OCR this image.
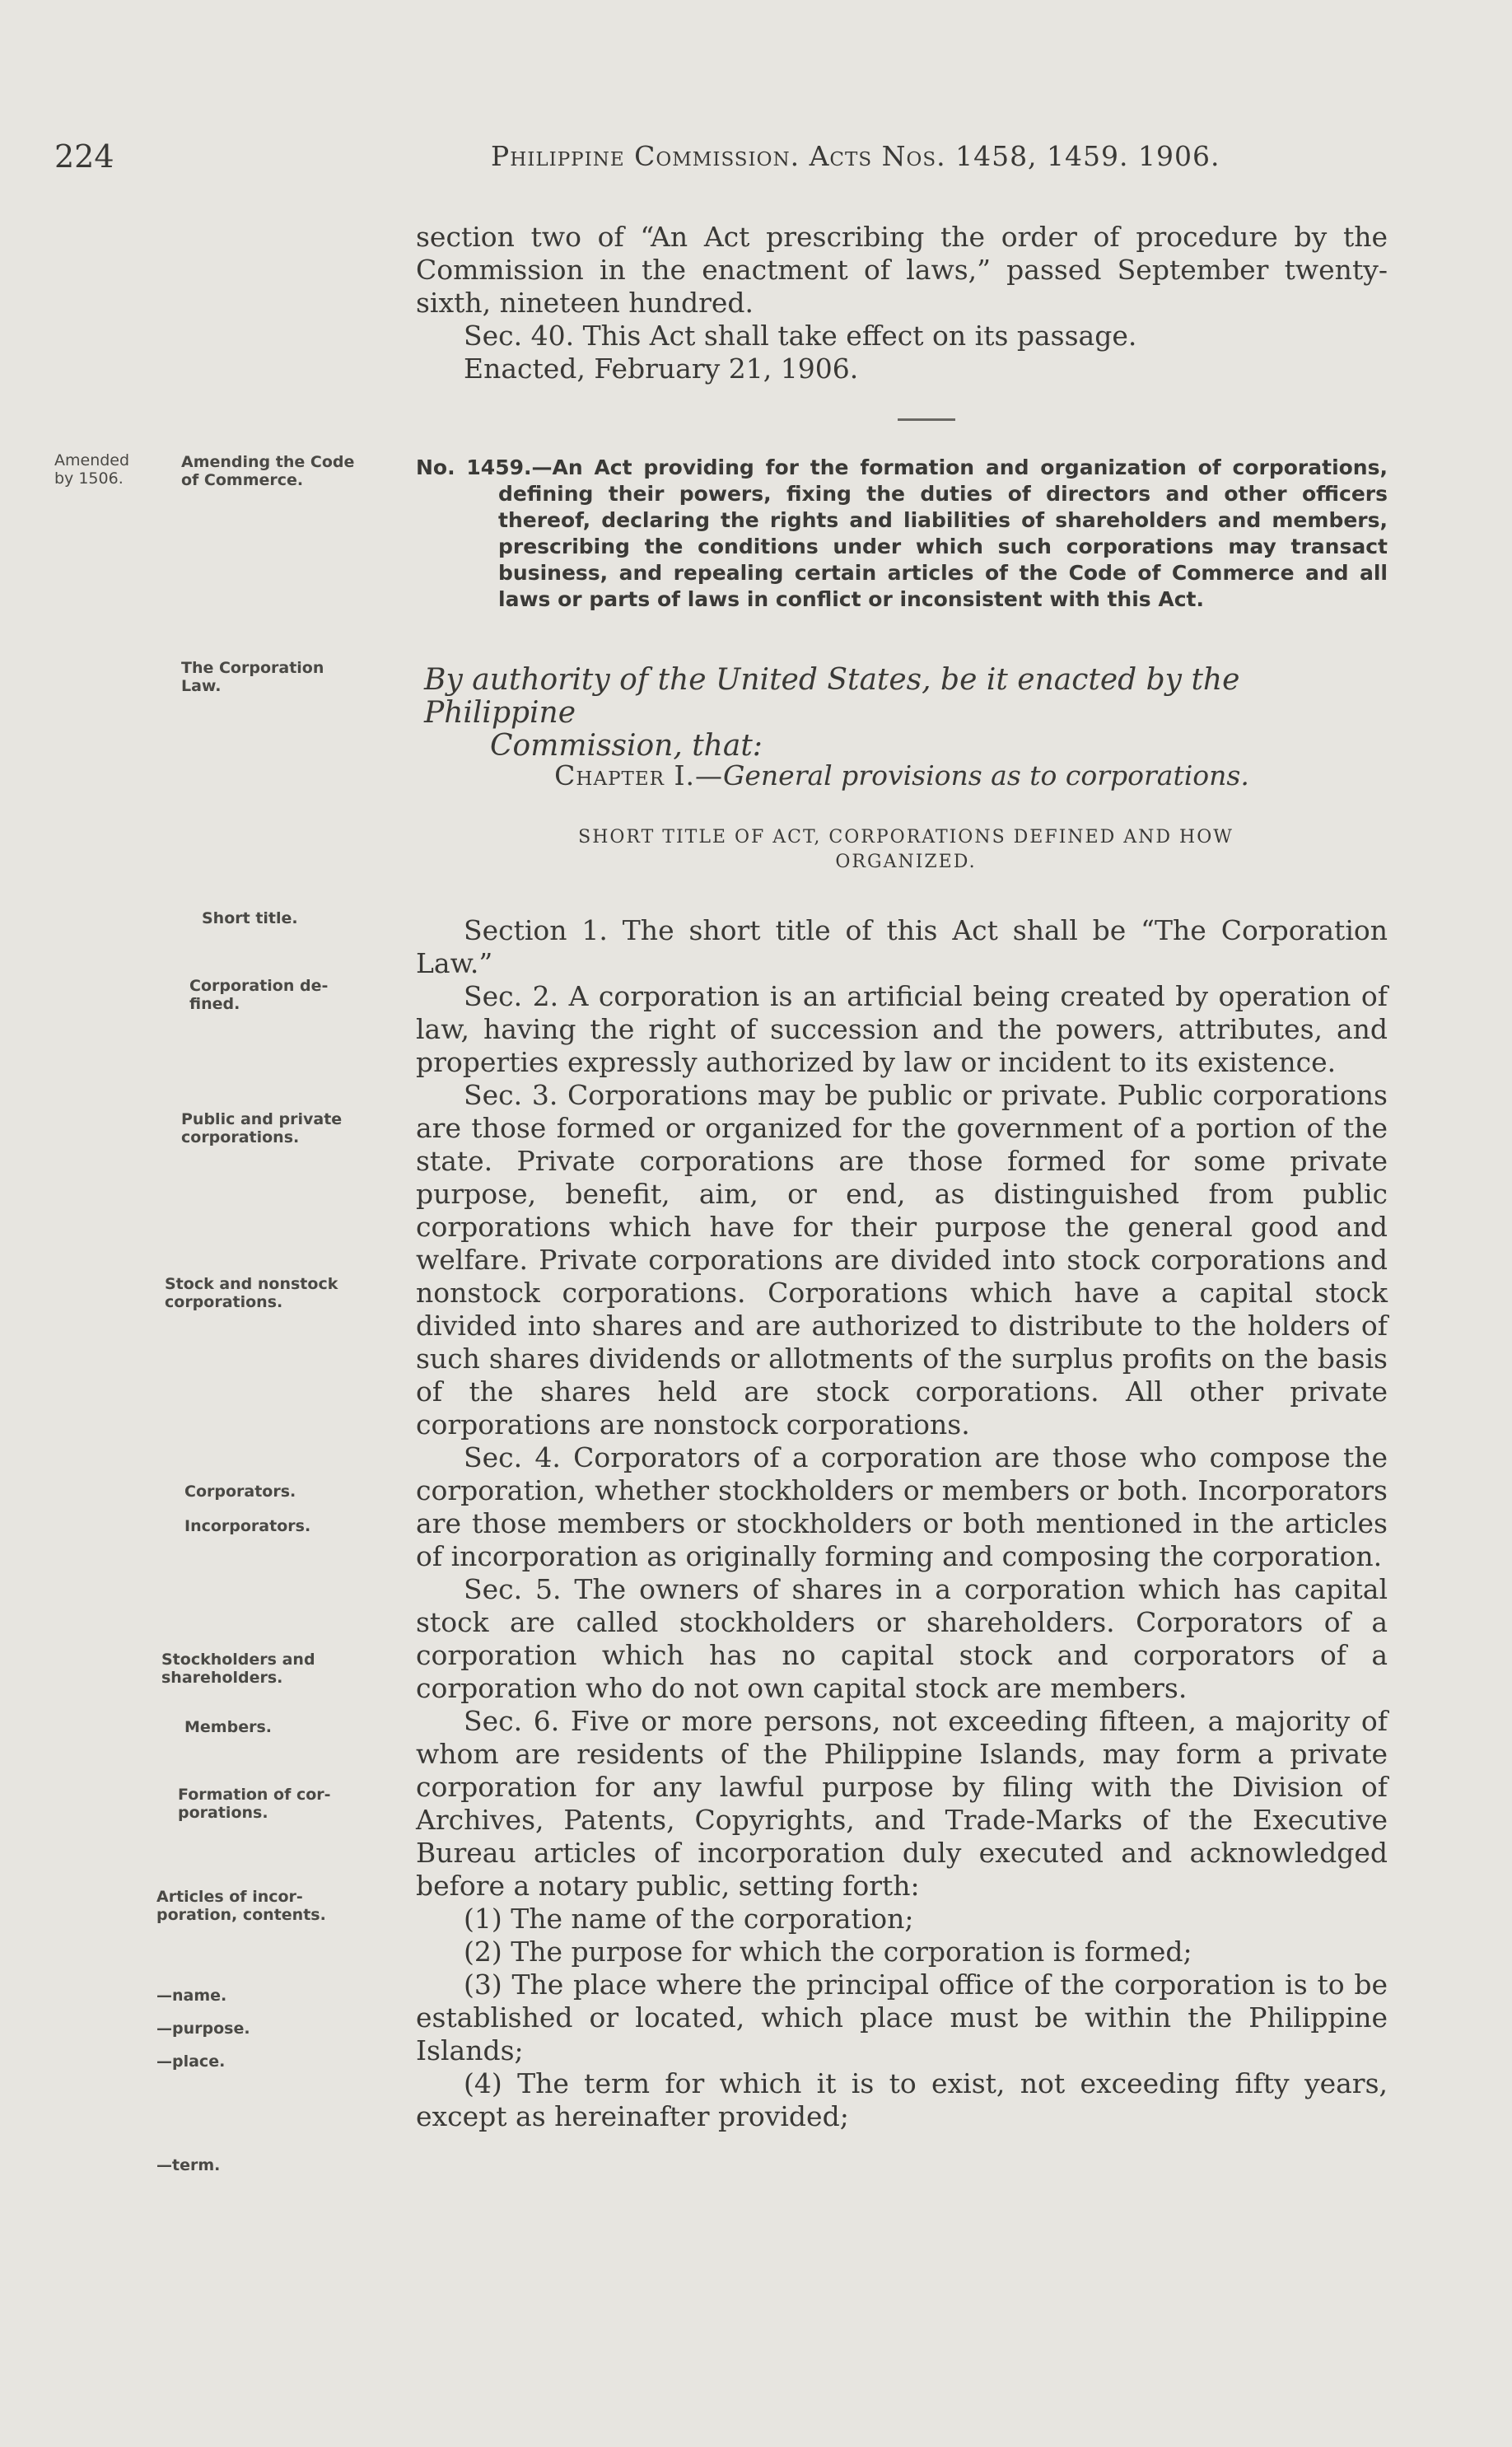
224	Philippine Commission. Acts Nos. 1458, 1459. 1906.

section two of “An Act prescribing the order of procedure by the Commission in the enactment of laws,” passed September twenty-sixth, nineteen hundred.

Sec. 40. This Act shall take effect on its passage.

Enacted, February 21, 1906.

No. 1459.—An Act providing for the formation and organization of corporations, defining their powers, fixing the duties of directors and other officers thereof, declaring the rights and liabilities of shareholders and members, prescribing the conditions under which such corporations may transact business, and repealing certain articles of the Code of Commerce and all laws or parts of laws in conflict or inconsistent with this Act.
By authority of the United States, be it enacted by the Philippine
Commission, that:
Chapter I.—General provisions as to corporations.
SHORT TITLE OF ACT, CORPORATIONS DEFINED AND HOW
ORGANIZED.

Section 1. The short title of this Act shall be “The Corporation Law.”

Sec. 2. A corporation is an artificial being created by operation of law, having the right of succession and the powers, attributes, and properties expressly authorized by law or incident to its existence.

Sec. 3. Corporations may be public or private. Public corporations are those formed or organized for the government of a portion of the state. Private corporations are those formed for some private purpose, benefit, aim, or end, as distinguished from public corporations which have for their purpose the general good and welfare. Private corporations are divided into stock corporations and nonstock corporations. Corporations which have a capital stock divided into shares and are authorized to distribute to the holders of such shares dividends or allotments of the surplus profits on the basis of the shares held are stock corporations. All other private corporations are nonstock corporations.

Sec. 4. Corporators of a corporation are those who compose the corporation, whether stockholders or members or both. Incorporators are those members or stockholders or both mentioned in the articles of incorporation as originally forming and composing the corporation.

Sec. 5. The owners of shares in a corporation which has capital stock are called stockholders or shareholders. Corporators of a corporation which has no capital stock and corporators of a corporation who do not own capital stock are members.

Sec. 6. Five or more persons, not exceeding fifteen, a majority of whom are residents of the Philippine Islands, may form a private corporation for any lawful purpose by filing with the Division of Archives, Patents, Copyrights, and Trade-Marks of the Executive Bureau articles of incorporation duly executed and acknowledged before a notary public, setting forth:

(1) The name of the corporation;

(2) The purpose for which the corporation is formed;

(3) The place where the principal office of the corporation is to be established or located, which place must be within the Philippine Islands;

(4) The term for which it is to exist, not exceeding fifty years, except as hereinafter provided;

Amended
by 1506.
Amending the Code
of Commerce.
The Corporation
Law.
Short title.
Corporation de-
fined.
Public and private
corporations.
Stock and nonstock
corporations.
Corporators.
Incorporators.
Stockholders and
shareholders.
Members.
Formation of cor-
porations.
Articles of incor-
poration, contents.
—name.
—purpose.
—place.
—term.
